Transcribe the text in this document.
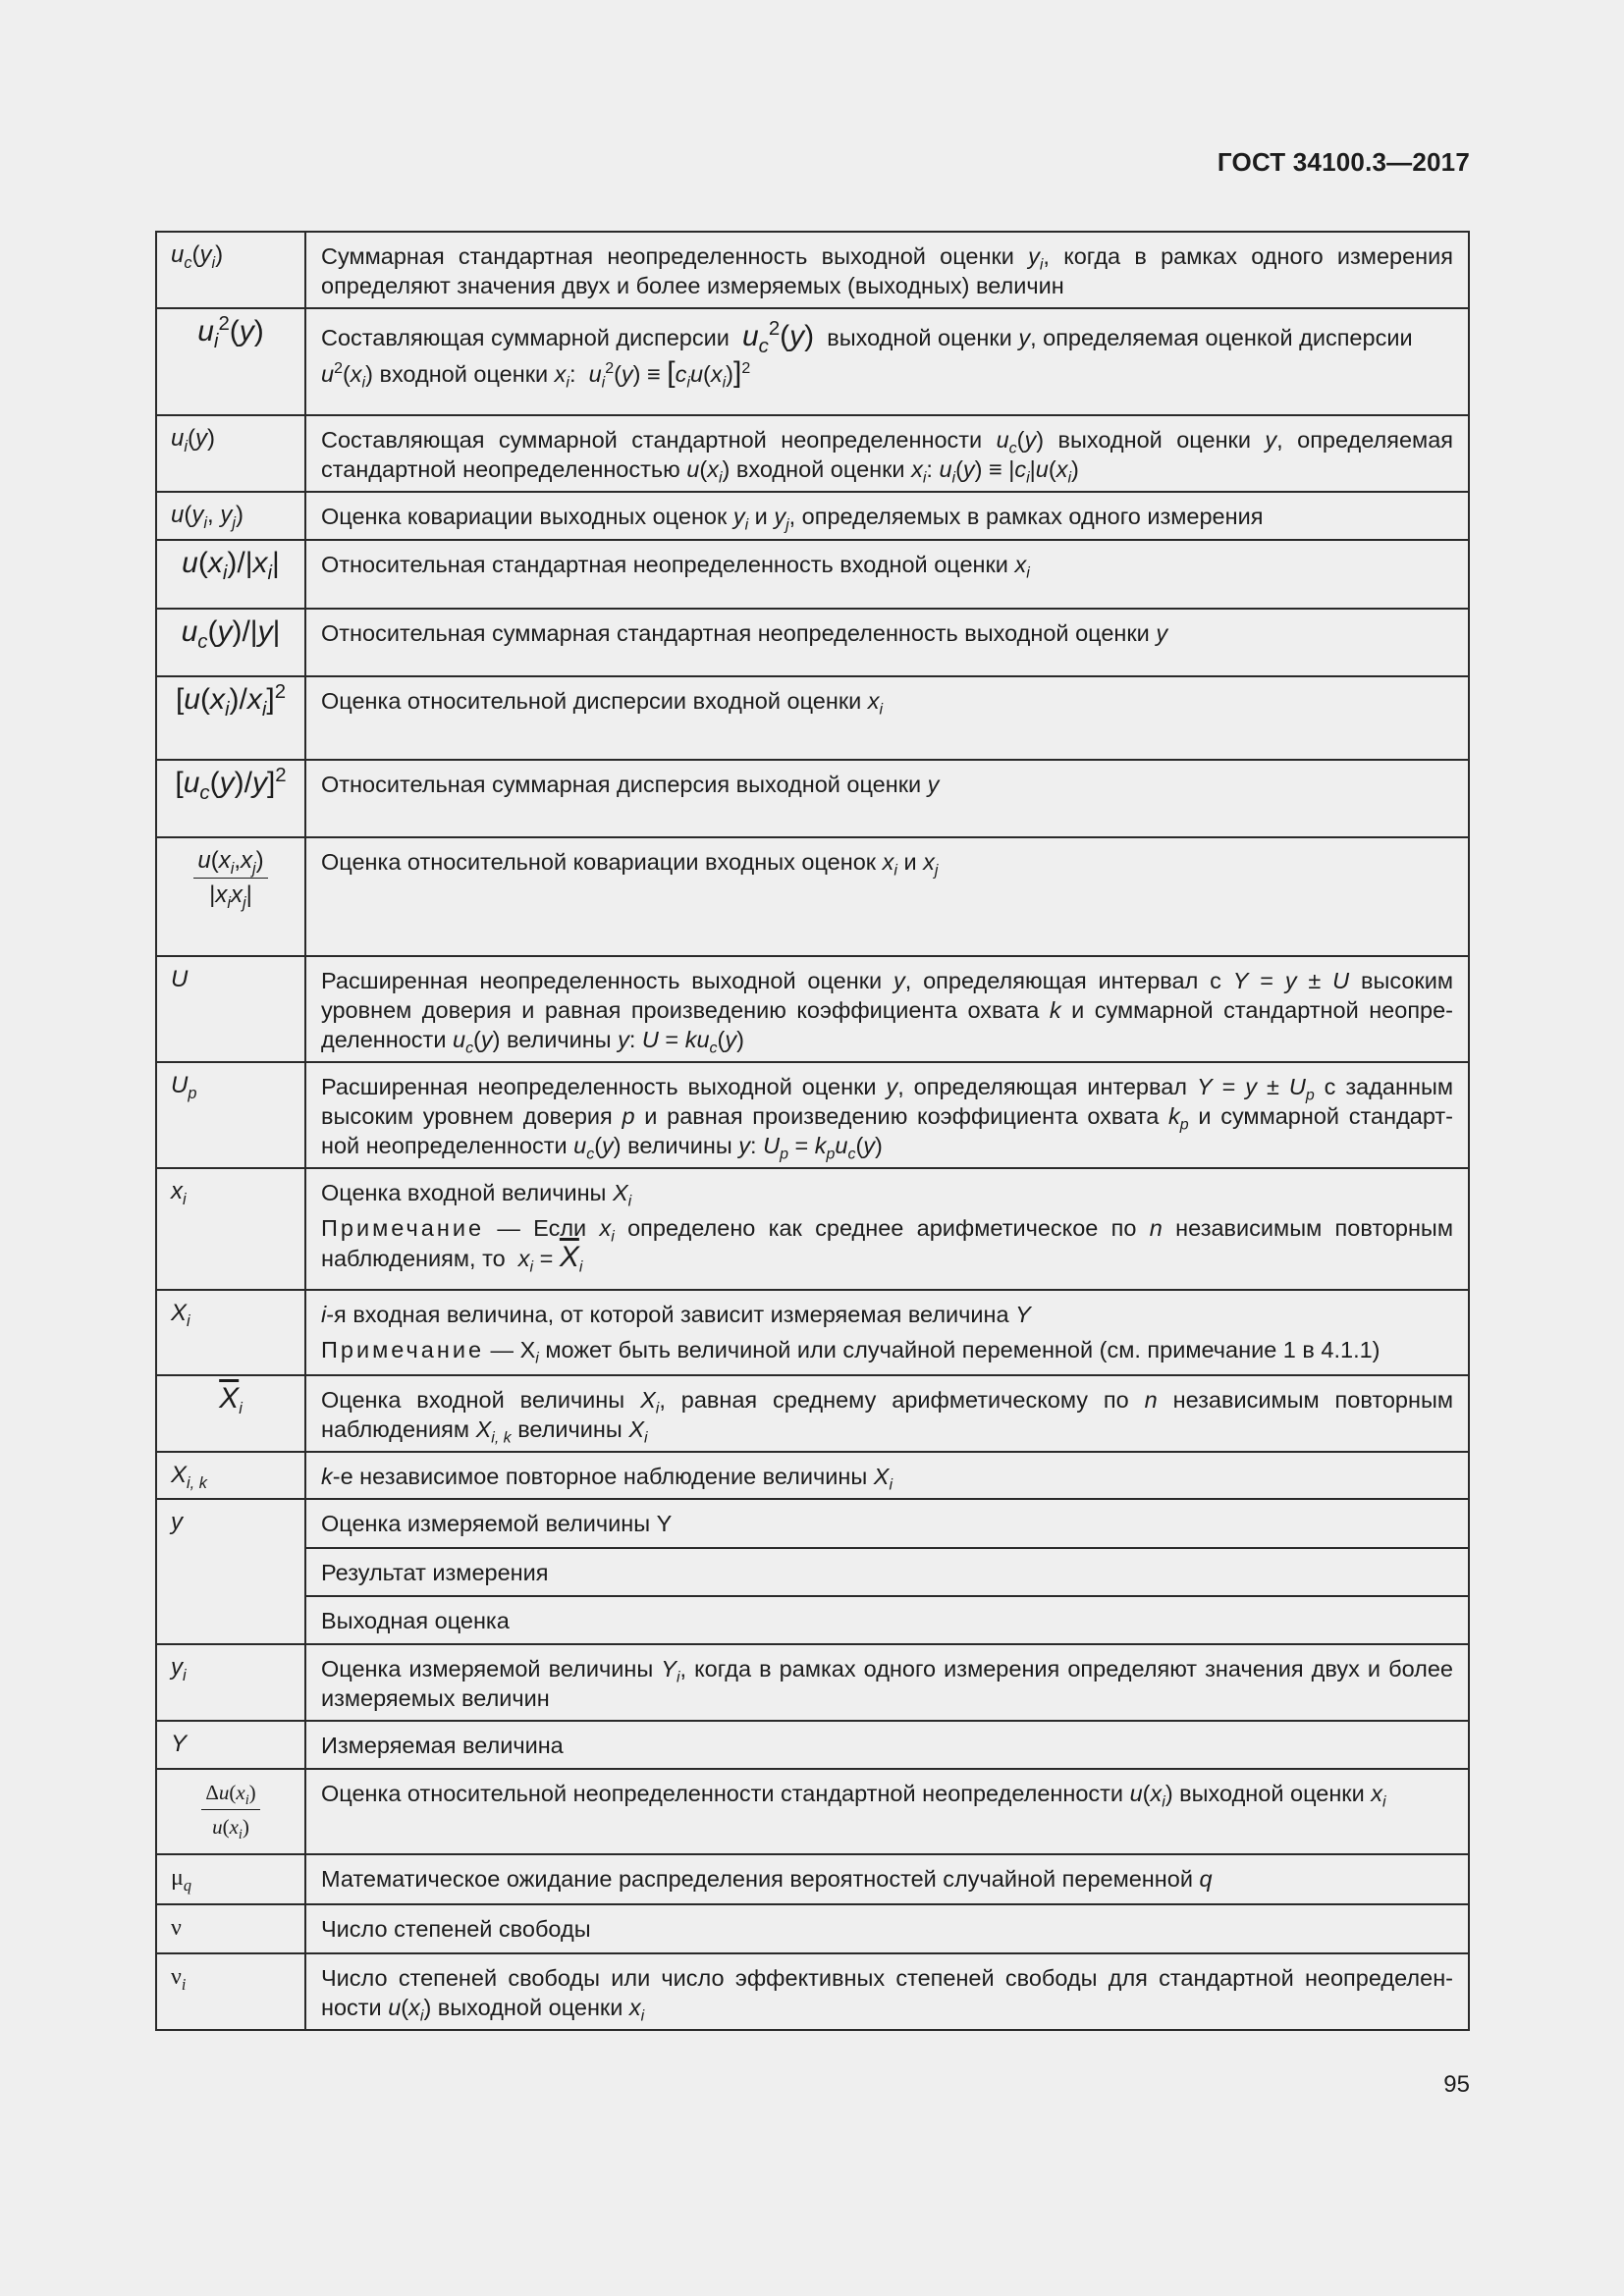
ГОСТ 34100.3—2017
$u_c(y_i)$	Суммарная стандартная неопределенность выходной оценки $y_i$, когда в рамках одного измерения определяют значения двух и более измеряемых (выходных) величин
$u_i^2(y)$	Составляющая суммарной дисперсии  $u_c^2(y)$  выходной оценки y, определяемая оценкой дисперсии
$u^2(x_i)$ входной оценки $x_i$:  $u_i^2(y) \equiv [c_iu(x_i)]^2$

$u_i(y)$	Составляющая суммарной стандартной неопределенности $u_c(y)$ выходной оценки y, определяемая стандартной неопределенностью $u(x_i)$ входной оценки $x_i$: $u_i(y) \equiv |c_i|u(x_i)$
$u(y_i$, $y_j$)	Оценка ковариации выходных оценок $y_i$ и $y_j$, определяемых в рамках одного измерения
$u(x_i)/|x_i|$	Относительная стандартная неопределенность входной оценки $x_i$
$u_c(y)/|y|$	Относительная суммарная стандартная неопределенность выходной оценки y
$[u(x_i)/x_i]^2$	Оценка относительной дисперсии входной оценки $x_i$
$[u_c(y)/y]^2$	Относительная суммарная дисперсия выходной оценки y

$\frac{u(x_i,x_j)}{|x_ix_j|}$	Оценка относительной ковариации входных оценок $x_i$ и $x_j$
U	Расширенная неопределенность выходной оценки y, определяющая интервал с Y = y ± U высоким уровнем доверия и равная произведению коэффициента охвата k и суммарной стандартной неопре-деленности $u_c(y)$ величины y: $U = ku_c(y)$
$U_p$	Расширенная неопределенность выходной оценки y, определяющая интервал $Y = y \pm U_p$ с заданным высоким уровнем доверия p и равная произведению коэффициента охвата $k_p$ и суммарной стандарт-ной неопределенности $u_c(y)$ величины y: $U_p = k_pu_c(y)$
$x_i$	Оценка входной величины $X_i$

Примечание — Если $x_i$ определено как среднее арифметическое по n независимым повторным наблюдениям, то  $x_i = \overline{X}_i$

$X_i$	i-я входная величина, от которой зависит измеряемая величина Y

Примечание — $X_i$ может быть величиной или случайной переменной (см. примечание 1 в 4.1.1)

$\overline{X}_i$	Оценка входной величины $X_i$, равная среднему арифметическому по n независимым повторным наблюдениям $X_{i, k}$ величины $X_i$
$X_{i, k}$	k-е независимое повторное наблюдение величины $X_i$
y	Оценка измеряемой величины Y
	Результат измерения
	Выходная оценка
$y_i$	Оценка измеряемой величины $Y_i$, когда в рамках одного измерения определяют значения двух и более измеряемых величин
Y	Измеряемая величина

$\frac{\Delta u(x_i)}{u(x_i)}$	Оценка относительной неопределенности стандартной неопределенности $u(x_i)$ выходной оценки $x_i$
$\mu_q$	Математическое ожидание распределения вероятностей случайной переменной q
ν	Число степеней свободы
$\nu_i$	Число степеней свободы или число эффективных степеней свободы для стандартной неопределен-ности $u(x_i)$ выходной оценки $x_i$
95
